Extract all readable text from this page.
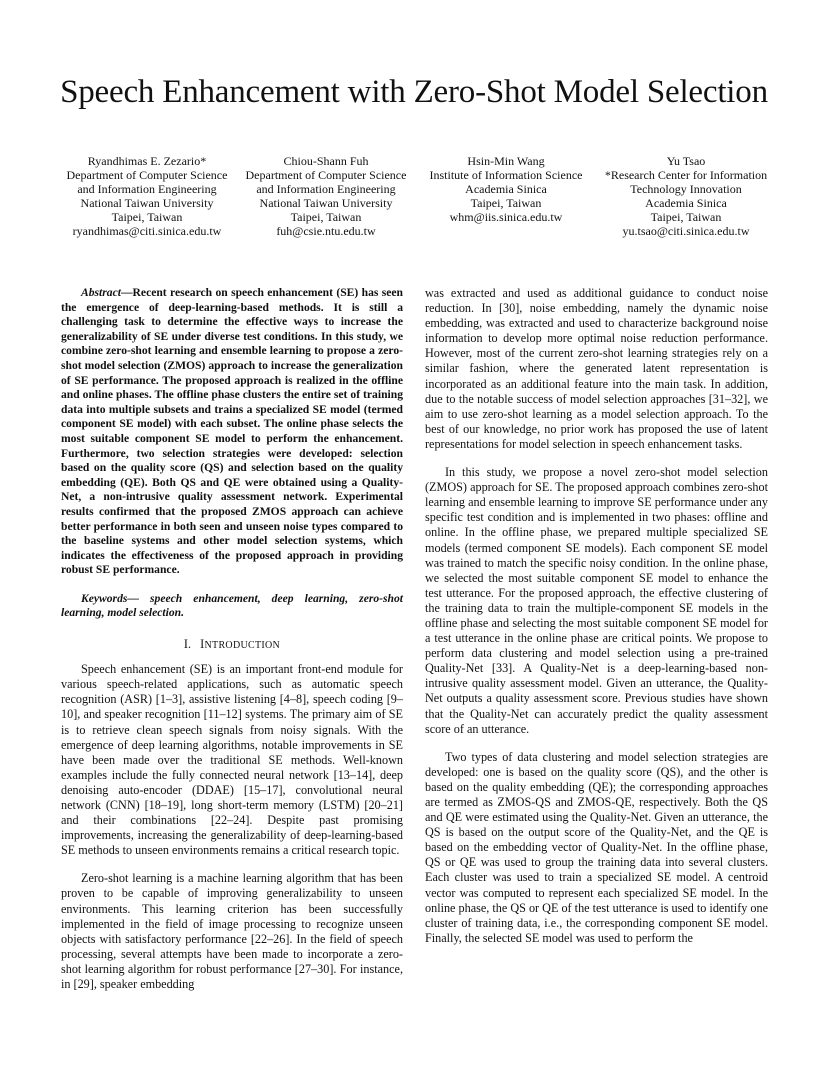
Speech Enhancement with Zero-Shot Model Selection
Ryandhimas E. Zezario*
Department of Computer Science
and Information Engineering
National Taiwan University
Taipei, Taiwan
ryandhimas@citi.sinica.edu.tw
Chiou-Shann Fuh
Department of Computer Science
and Information Engineering
National Taiwan University
Taipei, Taiwan
fuh@csie.ntu.edu.tw
Hsin-Min Wang
Institute of Information Science
Academia Sinica
Taipei, Taiwan
whm@iis.sinica.edu.tw
Yu Tsao
*Research Center for Information
Technology Innovation
Academia Sinica
Taipei, Taiwan
yu.tsao@citi.sinica.edu.tw

Abstract—Recent research on speech enhancement (SE) has seen the emergence of deep-learning-based methods. It is still a challenging task to determine the effective ways to increase the generalizability of SE under diverse test conditions. In this study, we combine zero-shot learning and ensemble learning to propose a zero-shot model selection (ZMOS) approach to increase the generalization of SE performance. The proposed approach is realized in the offline and online phases. The offline phase clusters the entire set of training data into multiple subsets and trains a specialized SE model (termed component SE model) with each subset. The online phase selects the most suitable component SE model to perform the enhancement. Furthermore, two selection strategies were developed: selection based on the quality score (QS) and selection based on the quality embedding (QE). Both QS and QE were obtained using a Quality-Net, a non-intrusive quality assessment network. Experimental results confirmed that the proposed ZMOS approach can achieve better performance in both seen and unseen noise types compared to the baseline systems and other model selection systems, which indicates the effectiveness of the proposed approach in providing robust SE performance.

Keywords— speech enhancement, deep learning, zero-shot learning, model selection.

I. INTRODUCTION

Speech enhancement (SE) is an important front-end module for various speech-related applications, such as automatic speech recognition (ASR) [1–3], assistive listening [4–8], speech coding [9–10], and speaker recognition [11–12] systems. The primary aim of SE is to retrieve clean speech signals from noisy signals. With the emergence of deep learning algorithms, notable improvements in SE have been made over the traditional SE methods. Well-known examples include the fully connected neural network [13–14], deep denoising auto-encoder (DDAE) [15–17], convolutional neural network (CNN) [18–19], long short-term memory (LSTM) [20–21] and their combinations [22–24]. Despite past promising improvements, increasing the generalizability of deep-learning-based SE methods to unseen environments remains a critical research topic.

Zero-shot learning is a machine learning algorithm that has been proven to be capable of improving generalizability to unseen environments. This learning criterion has been successfully implemented in the field of image processing to recognize unseen objects with satisfactory performance [22–26]. In the field of speech processing, several attempts have been made to incorporate a zero-shot learning algorithm for robust performance [27–30]. For instance, in [29], speaker embedding

was extracted and used as additional guidance to conduct noise reduction. In [30], noise embedding, namely the dynamic noise embedding, was extracted and used to characterize background noise information to develop more optimal noise reduction performance. However, most of the current zero-shot learning strategies rely on a similar fashion, where the generated latent representation is incorporated as an additional feature into the main task. In addition, due to the notable success of model selection approaches [31–32], we aim to use zero-shot learning as a model selection approach. To the best of our knowledge, no prior work has proposed the use of latent representations for model selection in speech enhancement tasks.

In this study, we propose a novel zero-shot model selection (ZMOS) approach for SE. The proposed approach combines zero-shot learning and ensemble learning to improve SE performance under any specific test condition and is implemented in two phases: offline and online. In the offline phase, we prepared multiple specialized SE models (termed component SE models). Each component SE model was trained to match the specific noisy condition. In the online phase, we selected the most suitable component SE model to enhance the test utterance. For the proposed approach, the effective clustering of the training data to train the multiple-component SE models in the offline phase and selecting the most suitable component SE model for a test utterance in the online phase are critical points. We propose to perform data clustering and model selection using a pre-trained Quality-Net [33]. A Quality-Net is a deep-learning-based non-intrusive quality assessment model. Given an utterance, the Quality-Net outputs a quality assessment score. Previous studies have shown that the Quality-Net can accurately predict the quality assessment score of an utterance.

Two types of data clustering and model selection strategies are developed: one is based on the quality score (QS), and the other is based on the quality embedding (QE); the corresponding approaches are termed as ZMOS-QS and ZMOS-QE, respectively. Both the QS and QE were estimated using the Quality-Net. Given an utterance, the QS is based on the output score of the Quality-Net, and the QE is based on the embedding vector of Quality-Net. In the offline phase, QS or QE was used to group the training data into several clusters. Each cluster was used to train a specialized SE model. A centroid vector was computed to represent each specialized SE model. In the online phase, the QS or QE of the test utterance is used to identify one cluster of training data, i.e., the corresponding component SE model. Finally, the selected SE model was used to perform the
